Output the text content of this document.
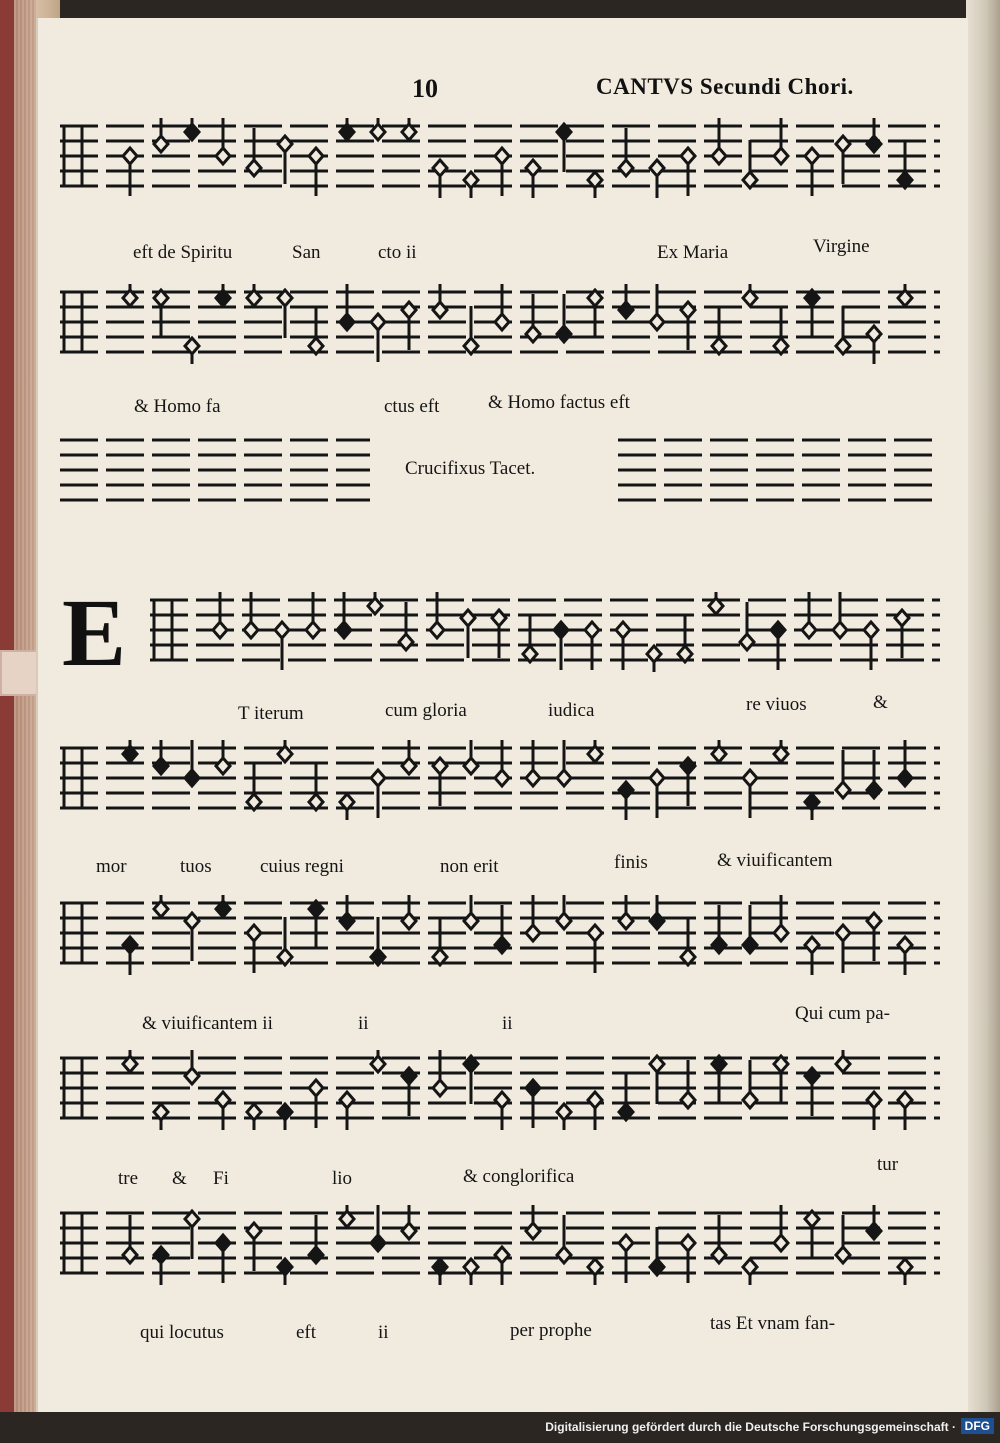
10	CANTVS Secundi Chori.
Crucifixus Tacet.
E
eft de Spiritu	San	cto ii	Ex Maria	Virgine
& Homo fa	ctus eft	& Homo factus eft
T iterum	cum gloria	iudica	re viuos	&
mor	tuos	cuius regni	non erit	finis	& viuificantem
& viuificantem ii	ii	ii	Qui cum pa-
tre & Fi	lio	& conglorifica
tur
qui locutus	eft	ii	per prophe	tas Et vnam fan-
Digitalisierung gefördert durch die Deutsche Forschungsgemeinschaft · DFG
